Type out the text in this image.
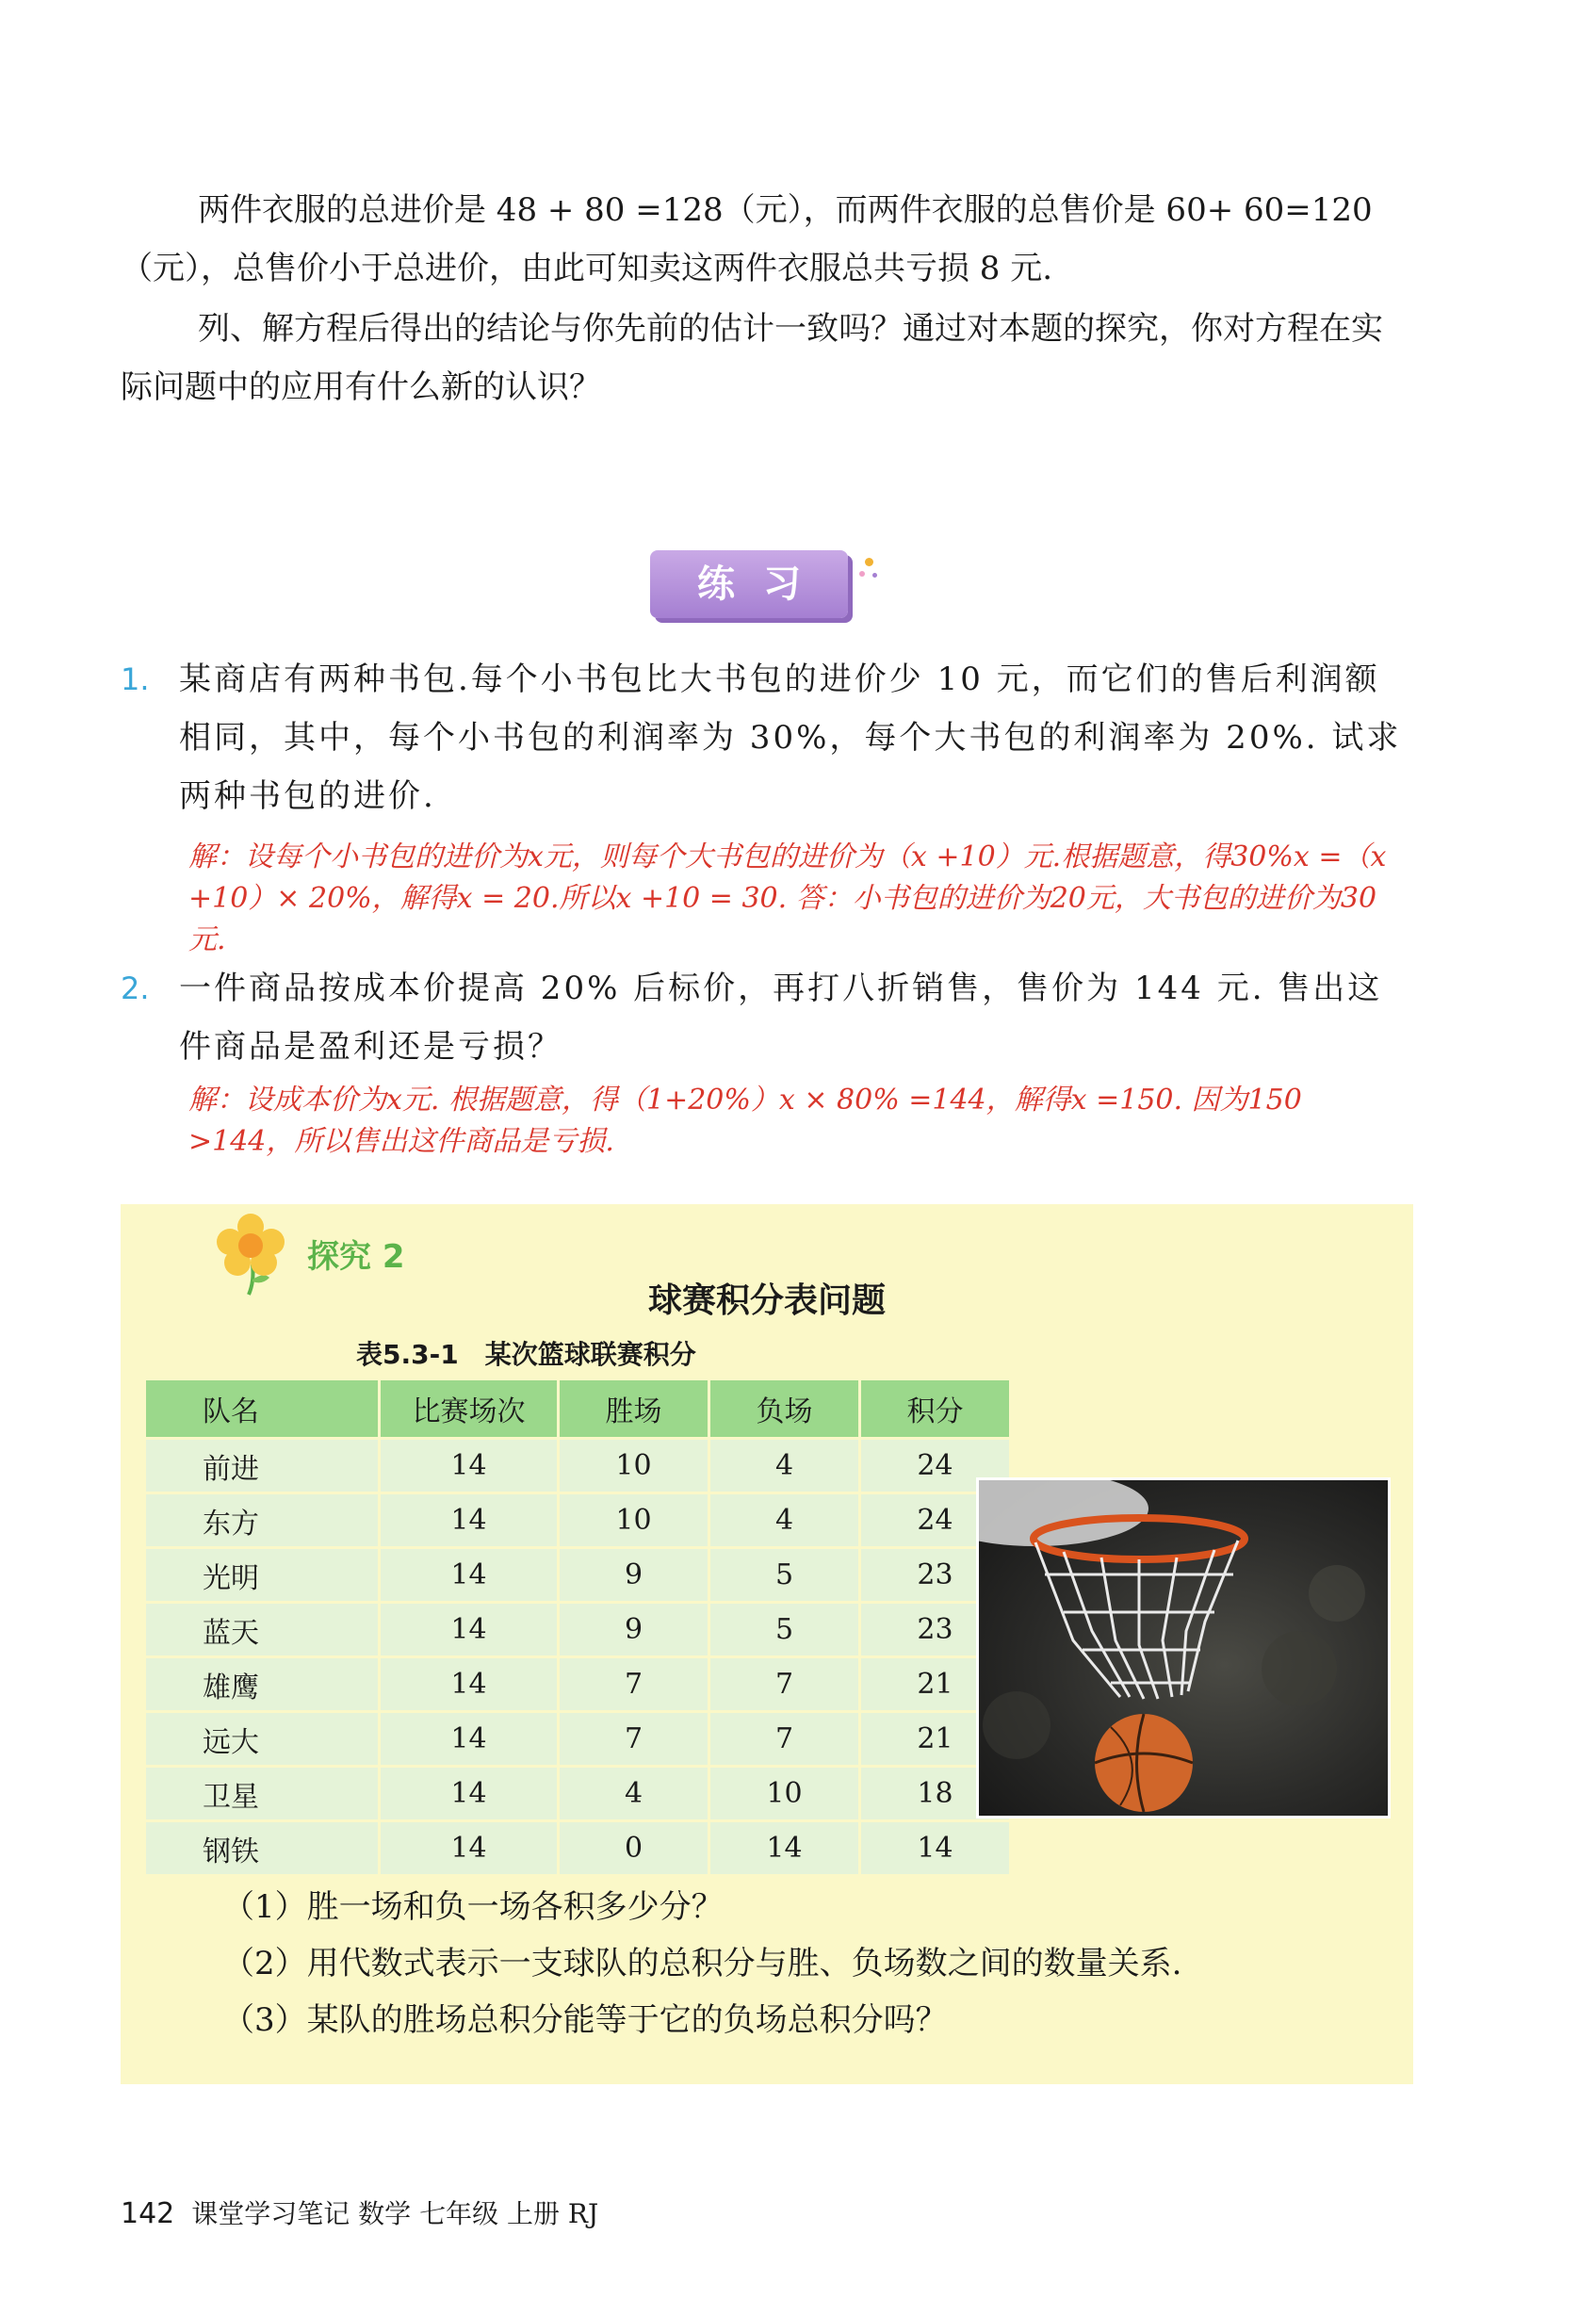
两件衣服的总进价是 48 + 80 =128（元），而两件衣服的总售价是 60+ 60=120（元），总售价小于总进价，由此可知卖这两件衣服总共亏损 8 元.

列、解方程后得出的结论与你先前的估计一致吗？通过对本题的探究，你对方程在实际问题中的应用有什么新的认识？

练习
1. 某商店有两种书包.每个小书包比大书包的进价少 10 元，而它们的售后利润额相同，其中，每个小书包的利润率为 30%，每个大书包的利润率为 20%. 试求两种书包的进价.

解：设每个小书包的进价为x元，则每个大书包的进价为（x +10）元.根据题意，得30%x =（x +10）× 20%，解得x = 20.所以x +10 = 30. 答：小书包的进价为20元，大书包的进价为30元.

2. 一件商品按成本价提高 20% 后标价，再打八折销售，售价为 144 元. 售出这件商品是盈利还是亏损？

解：设成本价为x元. 根据题意，得（1+20%）x × 80% =144，解得x =150. 因为150 >144，所以售出这件商品是亏损.

探究 2
球赛积分表问题
表5.3-1　某次篮球联赛积分
队名	比赛场次	胜场	负场	积分
前进	14	10	4	24
东方	14	10	4	24
光明	14	9	5	23
蓝天	14	9	5	23
雄鹰	14	7	7	21
远大	14	7	7	21
卫星	14	4	10	18
钢铁	14	0	14	14

（1）胜一场和负一场各积多少分？

（2）用代数式表示一支球队的总积分与胜、负场数之间的数量关系.

（3）某队的胜场总积分能等于它的负场总积分吗？

142 课堂学习笔记 数学 七年级 上册 RJ
